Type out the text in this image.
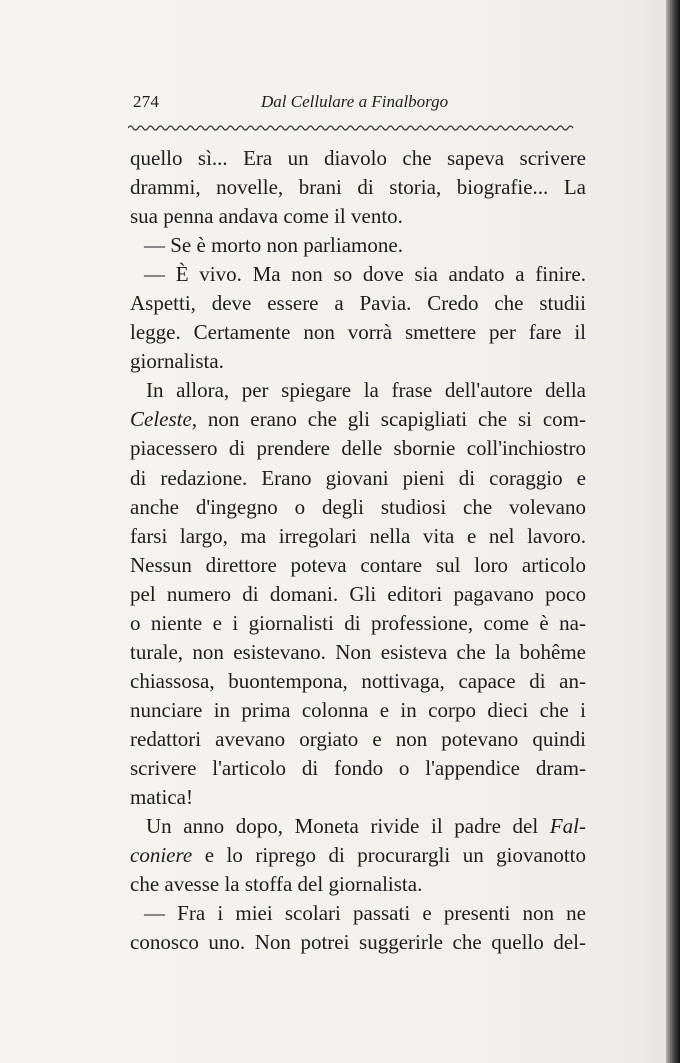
274	Dal Cellulare a Finalborgo
quello sì... Era un diavolo che sapeva scrivere
drammi, novelle, brani di storia, biografie... La
sua penna andava come il vento.
— Se è morto non parliamone.
— È vivo. Ma non so dove sia andato a finire.
Aspetti, deve essere a Pavia. Credo che studii
legge. Certamente non vorrà smettere per fare il
giornalista.
In allora, per spiegare la frase dell'autore della
Celeste, non erano che gli scapigliati che si com-
piacessero di prendere delle sbornie coll'inchiostro
di redazione. Erano giovani pieni di coraggio e
anche d'ingegno o degli studiosi che volevano
farsi largo, ma irregolari nella vita e nel lavoro.
Nessun direttore poteva contare sul loro articolo
pel numero di domani. Gli editori pagavano poco
o niente e i giornalisti di professione, come è na-
turale, non esistevano. Non esisteva che la bohême
chiassosa, buontempona, nottivaga, capace di an-
nunciare in prima colonna e in corpo dieci che i
redattori avevano orgiato e non potevano quindi
scrivere l'articolo di fondo o l'appendice dram-
matica!
Un anno dopo, Moneta rivide il padre del Fal-
coniere e lo riprego di procurargli un giovanotto
che avesse la stoffa del giornalista.
— Fra i miei scolari passati e presenti non ne
conosco uno. Non potrei suggerirle che quello del-
